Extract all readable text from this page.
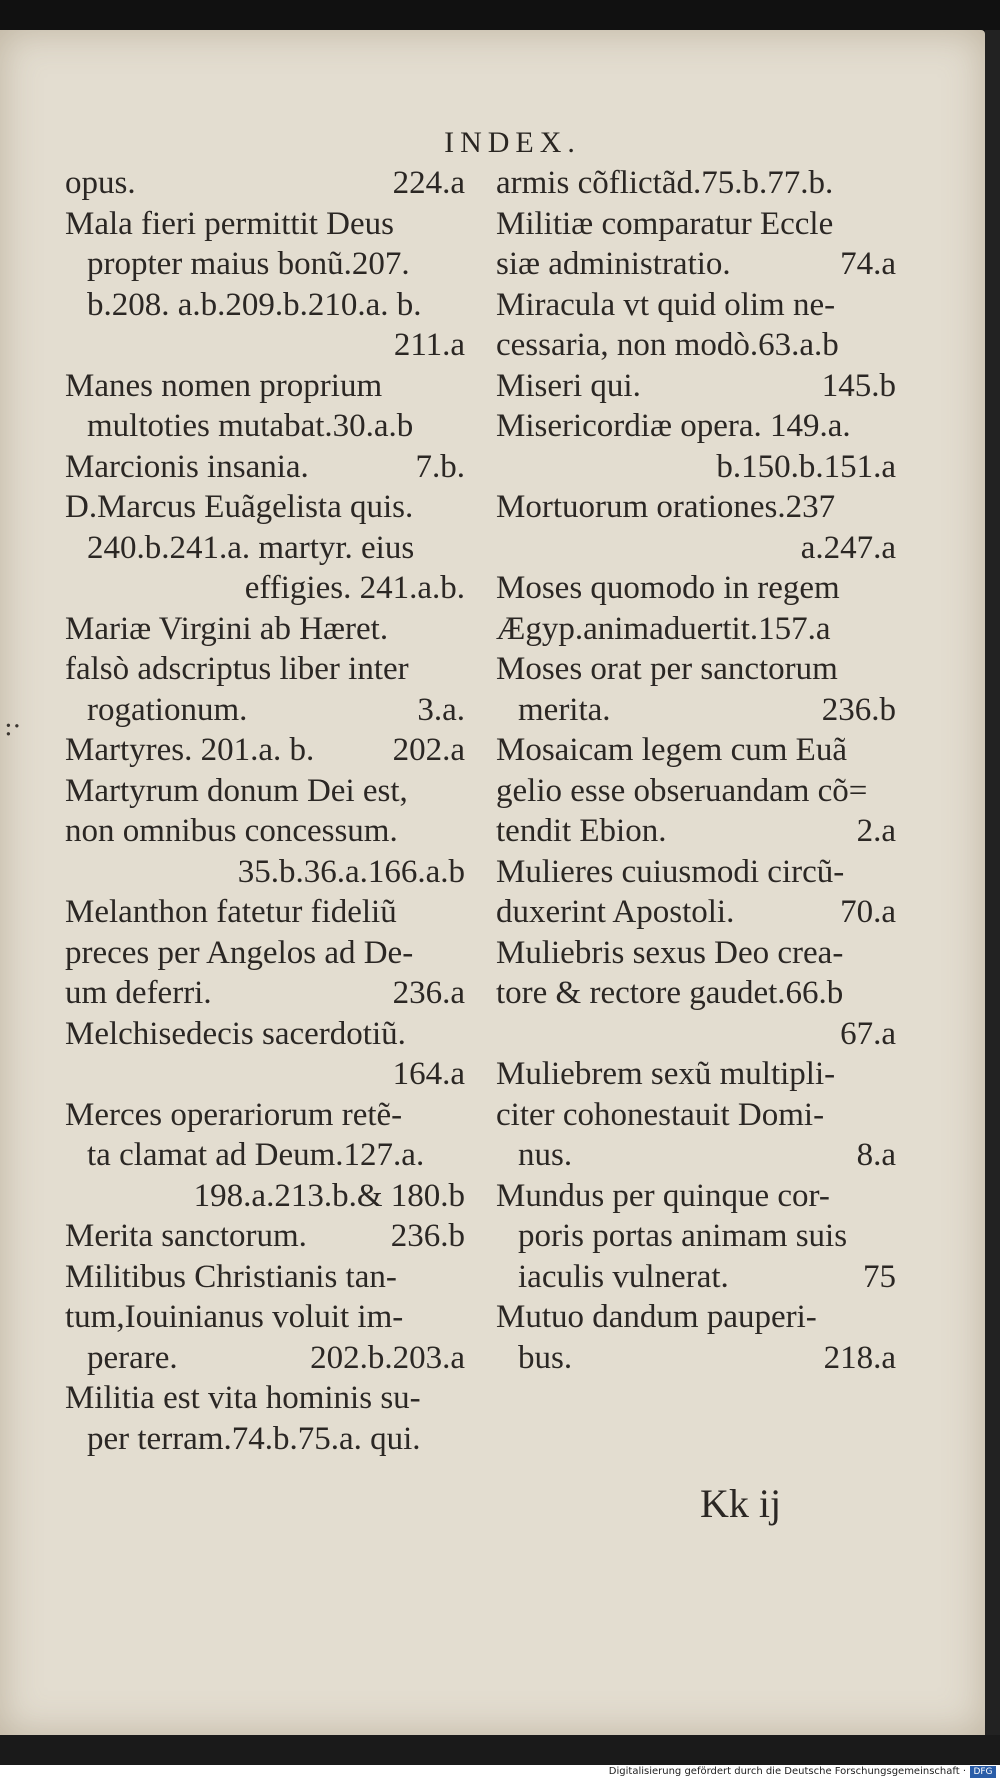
INDEX.
:·
opus.	224.a
Mala fieri permittit Deus
propter maius bonũ.207.
b.208. a.b.209.b.210.a. b.
211.a
Manes nomen proprium
multoties mutabat.30.a.b
Marcionis insania.	7.b.
D.Marcus Euãgelista quis.
240.b.241.a. martyr. eius
effigies. 241.a.b.
Mariæ Virgini ab Hæret.
falsò adscriptus liber inter
rogationum.	3.a.
Martyres. 201.a. b.	202.a
Martyrum donum Dei est,
non omnibus concessum.
35.b.36.a.166.a.b
Melanthon fatetur fideliũ
preces per Angelos ad De-
um deferri.	236.a
Melchisedecis sacerdotiũ.
164.a
Merces operariorum retẽ-
ta clamat ad Deum.127.a.
198.a.213.b.& 180.b
Merita sanctorum.	236.b
Militibus Christianis tan-
tum,Iouinianus voluit im-
perare.	202.b.203.a
Militia est vita hominis su-
per terram.74.b.75.a. qui.
armis cõflictãd.75.b.77.b.
Militiæ comparatur Eccle
siæ administratio.	74.a
Miracula vt quid olim ne-
cessaria, non modò.63.a.b
Miseri qui.	145.b
Misericordiæ opera. 149.a.
b.150.b.151.a
Mortuorum orationes.237
a.247.a
Moses quomodo in regem
Ægyp.animaduertit.157.a
Moses orat per sanctorum
merita.	236.b
Mosaicam legem cum Euã
gelio esse obseruandam cõ=
tendit Ebion.	2.a
Mulieres cuiusmodi circũ-
duxerint Apostoli.	70.a
Muliebris sexus Deo crea-
tore & rectore gaudet.66.b
67.a
Muliebrem sexũ multipli-
citer cohonestauit Domi-
nus.	8.a
Mundus per quinque cor-
poris portas animam suis
iaculis vulnerat.	75
Mutuo dandum pauperi-
bus.	218.a
Kk ij
Digitalisierung gefördert durch die Deutsche Forschungsgemeinschaft · DFG
